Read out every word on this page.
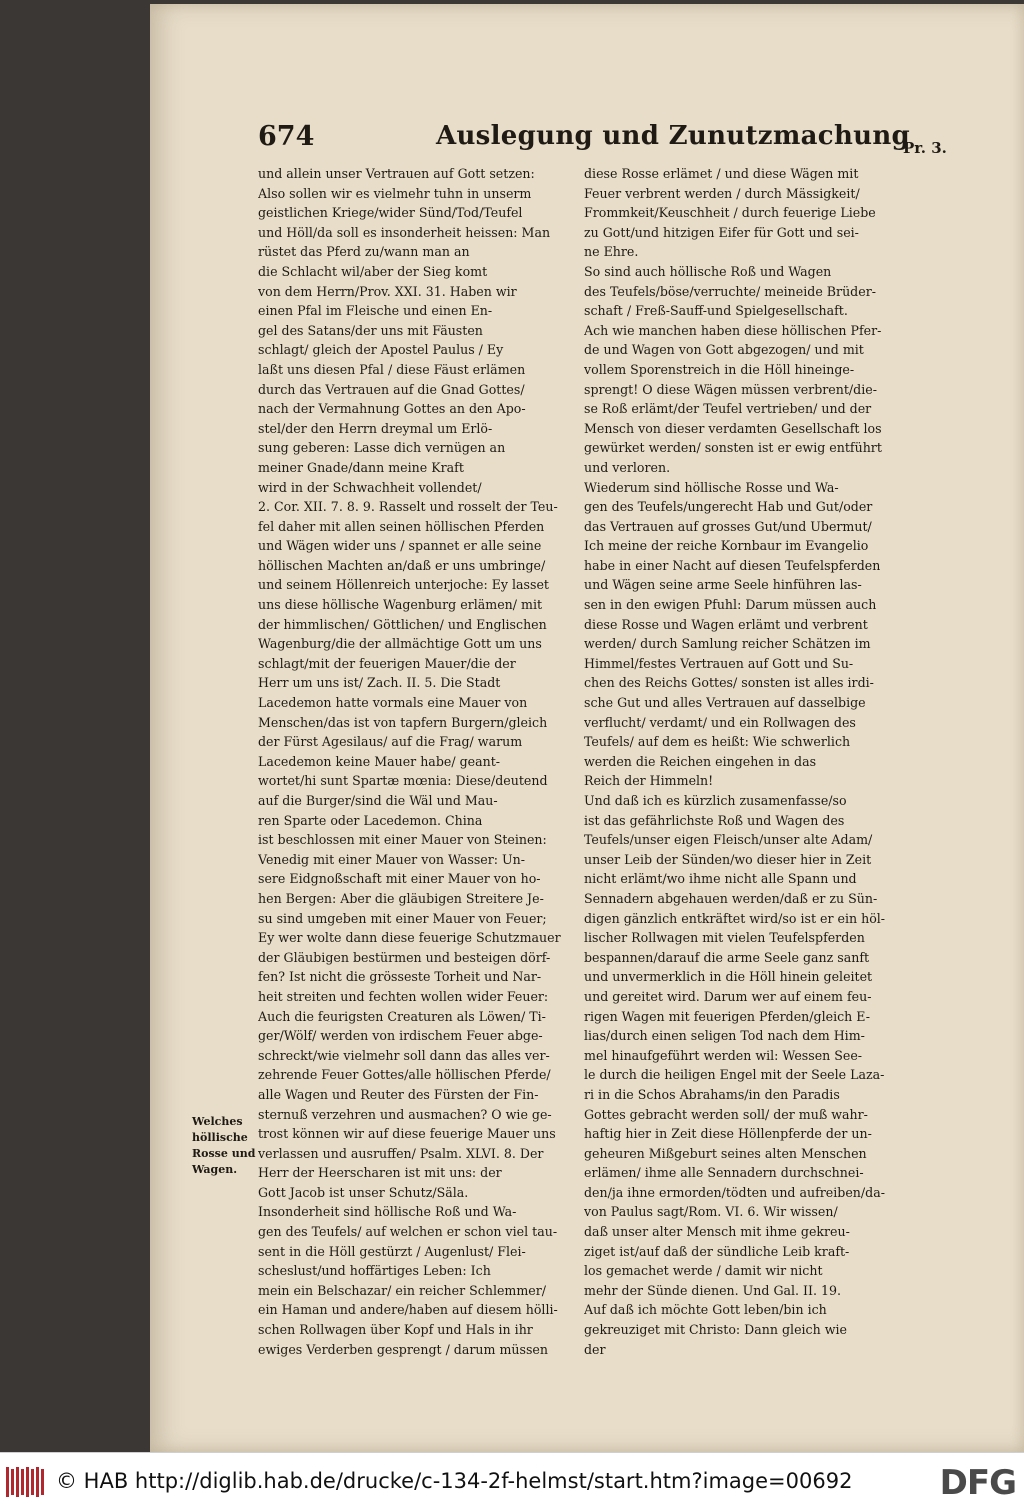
674	Auslegung und Zunutzmachung
Pr. 3.
und allein unser Vertrauen auf Gott setzen:
Also sollen wir es vielmehr tuhn in unserm
geistlichen Kriege/wider Sünd/Tod/Teufel
und Höll/da soll es insonderheit heissen: Man
rüstet das Pferd zu/wann man an
die Schlacht wil/aber der Sieg komt
von dem Herrn/Prov. XXI. 31. Haben wir
einen Pfal im Fleische und einen En-
gel des Satans/der uns mit Fäusten
schlagt/ gleich der Apostel Paulus / Ey
laßt uns diesen Pfal / diese Fäust erlämen
durch das Vertrauen auf die Gnad Gottes/
nach der Vermahnung Gottes an den Apo-
stel/der den Herrn dreymal um Erlö-
sung geberen: Lasse dich vernügen an
meiner Gnade/dann meine Kraft
wird in der Schwachheit vollendet/
2. Cor. XII. 7. 8. 9. Rasselt und rosselt der Teu-
fel daher mit allen seinen höllischen Pferden
und Wägen wider uns / spannet er alle seine
höllischen Machten an/daß er uns umbringe/
und seinem Höllenreich unterjoche: Ey lasset
uns diese höllische Wagenburg erlämen/ mit
der himmlischen/ Göttlichen/ und Englischen
Wagenburg/die der allmächtige Gott um uns
schlagt/mit der feuerigen Mauer/die der
Herr um uns ist/ Zach. II. 5. Die Stadt
Lacedemon hatte vormals eine Mauer von
Menschen/das ist von tapfern Burgern/gleich
der Fürst Agesilaus/ auf die Frag/ warum
Lacedemon keine Mauer habe/ geant-
wortet/hi sunt Spartæ mœnia: Diese/deutend
auf die Burger/sind die Wäl und Mau-
ren Sparte oder Lacedemon. China
ist beschlossen mit einer Mauer von Steinen:
Venedig mit einer Mauer von Wasser: Un-
sere Eidgnoßschaft mit einer Mauer von ho-
hen Bergen: Aber die gläubigen Streitere Je-
su sind umgeben mit einer Mauer von Feuer;
Ey wer wolte dann diese feuerige Schutzmauer
der Gläubigen bestürmen und besteigen dörf-
fen? Ist nicht die grösseste Torheit und Nar-
heit streiten und fechten wollen wider Feuer:
Auch die feurigsten Creaturen als Löwen/ Ti-
ger/Wölf/ werden von irdischem Feuer abge-
schreckt/wie vielmehr soll dann das alles ver-
zehrende Feuer Gottes/alle höllischen Pferde/
alle Wagen und Reuter des Fürsten der Fin-
sternuß verzehren und ausmachen? O wie ge-
trost können wir auf diese feuerige Mauer uns
verlassen und ausruffen/ Psalm. XLVI. 8. Der
Herr der Heerscharen ist mit uns: der
Gott Jacob ist unser Schutz/Säla.
Insonderheit sind höllische Roß und Wa-
gen des Teufels/ auf welchen er schon viel tau-
sent in die Höll gestürzt / Augenlust/ Flei-
scheslust/und hoffärtiges Leben: Ich
mein ein Belschazar/ ein reicher Schlemmer/
ein Haman und andere/haben auf diesem hölli-
schen Rollwagen über Kopf und Hals in ihr
ewiges Verderben gesprengt / darum müssen
diese Rosse erlämet / und diese Wägen mit
Feuer verbrent werden / durch Mässigkeit/
Frommkeit/Keuschheit / durch feuerige Liebe
zu Gott/und hitzigen Eifer für Gott und sei-
ne Ehre.
So sind auch höllische Roß und Wagen
des Teufels/böse/verruchte/ meineide Brüder-
schaft / Freß-Sauff-und Spielgesellschaft.
Ach wie manchen haben diese höllischen Pfer-
de und Wagen von Gott abgezogen/ und mit
vollem Sporenstreich in die Höll hineinge-
sprengt! O diese Wägen müssen verbrent/die-
se Roß erlämt/der Teufel vertrieben/ und der
Mensch von dieser verdamten Gesellschaft los
gewürket werden/ sonsten ist er ewig entführt
und verloren.
Wiederum sind höllische Rosse und Wa-
gen des Teufels/ungerecht Hab und Gut/oder
das Vertrauen auf grosses Gut/und Ubermut/
Ich meine der reiche Kornbaur im Evangelio
habe in einer Nacht auf diesen Teufelspferden
und Wägen seine arme Seele hinführen las-
sen in den ewigen Pfuhl: Darum müssen auch
diese Rosse und Wagen erlämt und verbrent
werden/ durch Samlung reicher Schätzen im
Himmel/festes Vertrauen auf Gott und Su-
chen des Reichs Gottes/ sonsten ist alles irdi-
sche Gut und alles Vertrauen auf dasselbige
verflucht/ verdamt/ und ein Rollwagen des
Teufels/ auf dem es heißt: Wie schwerlich
werden die Reichen eingehen in das
Reich der Himmeln!
Und daß ich es kürzlich zusamenfasse/so
ist das gefährlichste Roß und Wagen des
Teufels/unser eigen Fleisch/unser alte Adam/
unser Leib der Sünden/wo dieser hier in Zeit
nicht erlämt/wo ihme nicht alle Spann und
Sennadern abgehauen werden/daß er zu Sün-
digen gänzlich entkräftet wird/so ist er ein höl-
lischer Rollwagen mit vielen Teufelspferden
bespannen/darauf die arme Seele ganz sanft
und unvermerklich in die Höll hinein geleitet
und gereitet wird. Darum wer auf einem feu-
rigen Wagen mit feuerigen Pferden/gleich E-
lias/durch einen seligen Tod nach dem Him-
mel hinaufgeführt werden wil: Wessen See-
le durch die heiligen Engel mit der Seele Laza-
ri in die Schos Abrahams/in den Paradis
Gottes gebracht werden soll/ der muß wahr-
haftig hier in Zeit diese Höllenpferde der un-
geheuren Mißgeburt seines alten Menschen
erlämen/ ihme alle Sennadern durchschnei-
den/ja ihne ermorden/tödten und aufreiben/da-
von Paulus sagt/Rom. VI. 6. Wir wissen/
daß unser alter Mensch mit ihme gekreu-
ziget ist/auf daß der sündliche Leib kraft-
los gemachet werde / damit wir nicht
mehr der Sünde dienen. Und Gal. II. 19.
Auf daß ich möchte Gott leben/bin ich
gekreuziget mit Christo: Dann gleich wie
der
Welches
höllische
Rosse und
Wagen.
© HAB http://diglib.hab.de/drucke/c-134-2f-helmst/start.htm?image=00692	DFG
